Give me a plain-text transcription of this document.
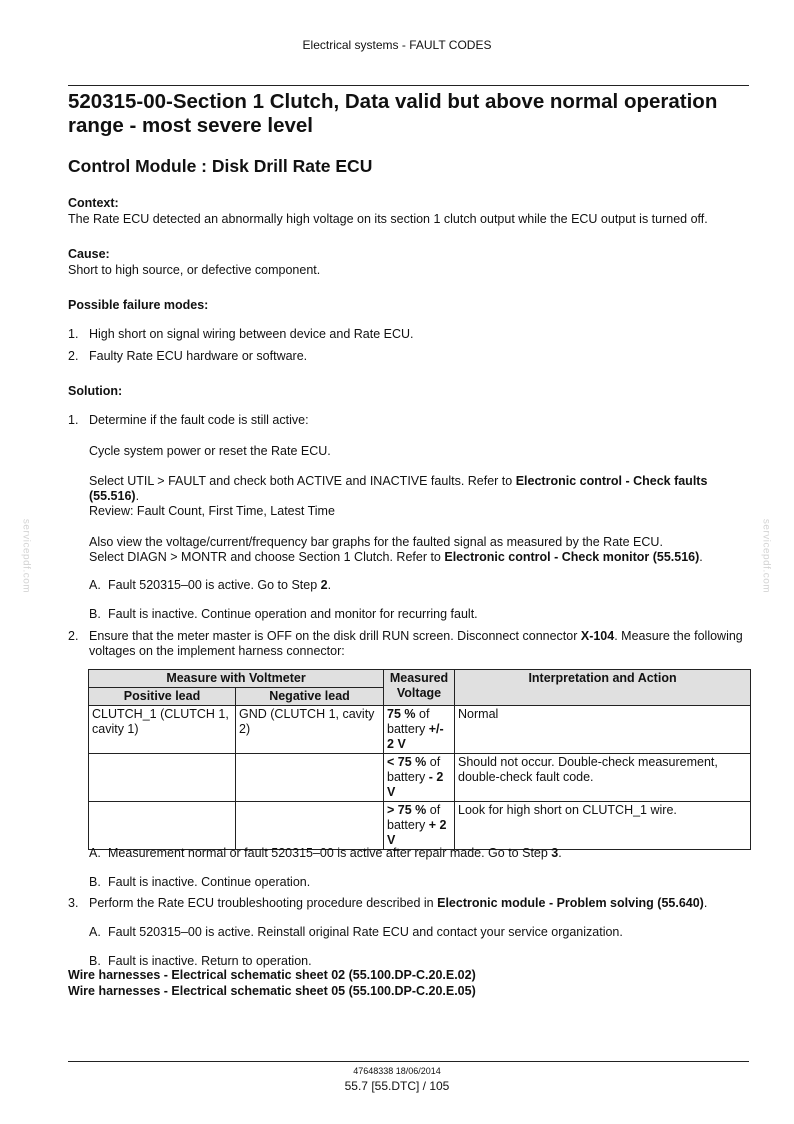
Electrical systems - FAULT CODES
520315-00-Section 1 Clutch, Data valid but above normal operation range - most severe level
Control Module : Disk Drill Rate ECU
Context:
The Rate ECU detected an abnormally high voltage on its section 1 clutch output while the ECU output is turned off.
Cause:
Short to high source, or defective component.
Possible failure modes:
1. High short on signal wiring between device and Rate ECU.
2. Faulty Rate ECU hardware or software.
Solution:
1. Determine if the fault code is still active:
Cycle system power or reset the Rate ECU.
Select UTIL > FAULT and check both ACTIVE and INACTIVE faults. Refer to Electronic control - Check faults (55.516).
Review: Fault Count, First Time, Latest Time
Also view the voltage/current/frequency bar graphs for the faulted signal as measured by the Rate ECU.
Select DIAGN > MONTR and choose Section 1 Clutch. Refer to Electronic control - Check monitor (55.516).
A. Fault 520315–00 is active. Go to Step 2.
B. Fault is inactive. Continue operation and monitor for recurring fault.
2. Ensure that the meter master is OFF on the disk drill RUN screen. Disconnect connector X-104. Measure the following voltages on the implement harness connector:
Measure with Voltmeter		Measured Voltage	Interpretation and Action
Positive lead	Negative lead		
CLUTCH_1 (CLUTCH 1, cavity 1)	GND (CLUTCH 1, cavity 2)	75 % of battery +/- 2 V	Normal
		< 75 % of battery - 2 V	Should not occur. Double-check measurement, double-check fault code.
		> 75 % of battery + 2 V	Look for high short on CLUTCH_1 wire.
A. Measurement normal or fault 520315–00 is active after repair made. Go to Step 3.
B. Fault is inactive. Continue operation.
3. Perform the Rate ECU troubleshooting procedure described in Electronic module - Problem solving (55.640).
A. Fault 520315–00 is active. Reinstall original Rate ECU and contact your service organization.
B. Fault is inactive. Return to operation.
Wire harnesses - Electrical schematic sheet 02 (55.100.DP-C.20.E.02)
Wire harnesses - Electrical schematic sheet 05 (55.100.DP-C.20.E.05)
servicepdf.com	servicepdf.com
47648338 18/06/2014
55.7 [55.DTC] / 105
